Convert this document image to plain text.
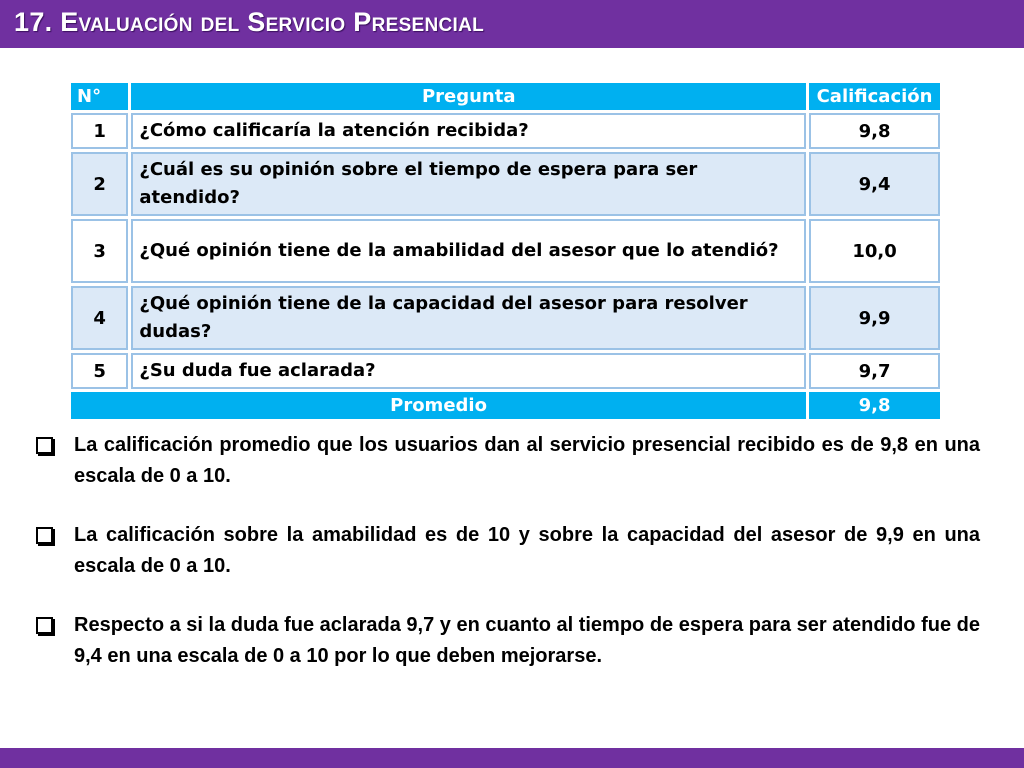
17. Evaluación del Servicio Presencial
N°	Pregunta	Calificación
1	¿Cómo calificaría la atención recibida?	9,8
2	¿Cuál es su opinión sobre el tiempo de espera para ser atendido?	9,4
3	¿Qué opinión tiene de la amabilidad del asesor que lo atendió?	10,0
4	¿Qué opinión tiene de la capacidad del asesor para resolver dudas?	9,9
5	¿Su duda fue aclarada?	9,7
Promedio		9,8
La calificación promedio que los usuarios dan al servicio presencial recibido es de 9,8 en una escala de 0 a 10.
La calificación sobre la amabilidad es de 10 y sobre la capacidad del asesor de 9,9 en una escala de 0 a 10.
Respecto a si la duda fue aclarada 9,7 y en cuanto al tiempo de espera para ser atendido fue de 9,4 en una escala de 0 a 10 por lo que deben mejorarse.
